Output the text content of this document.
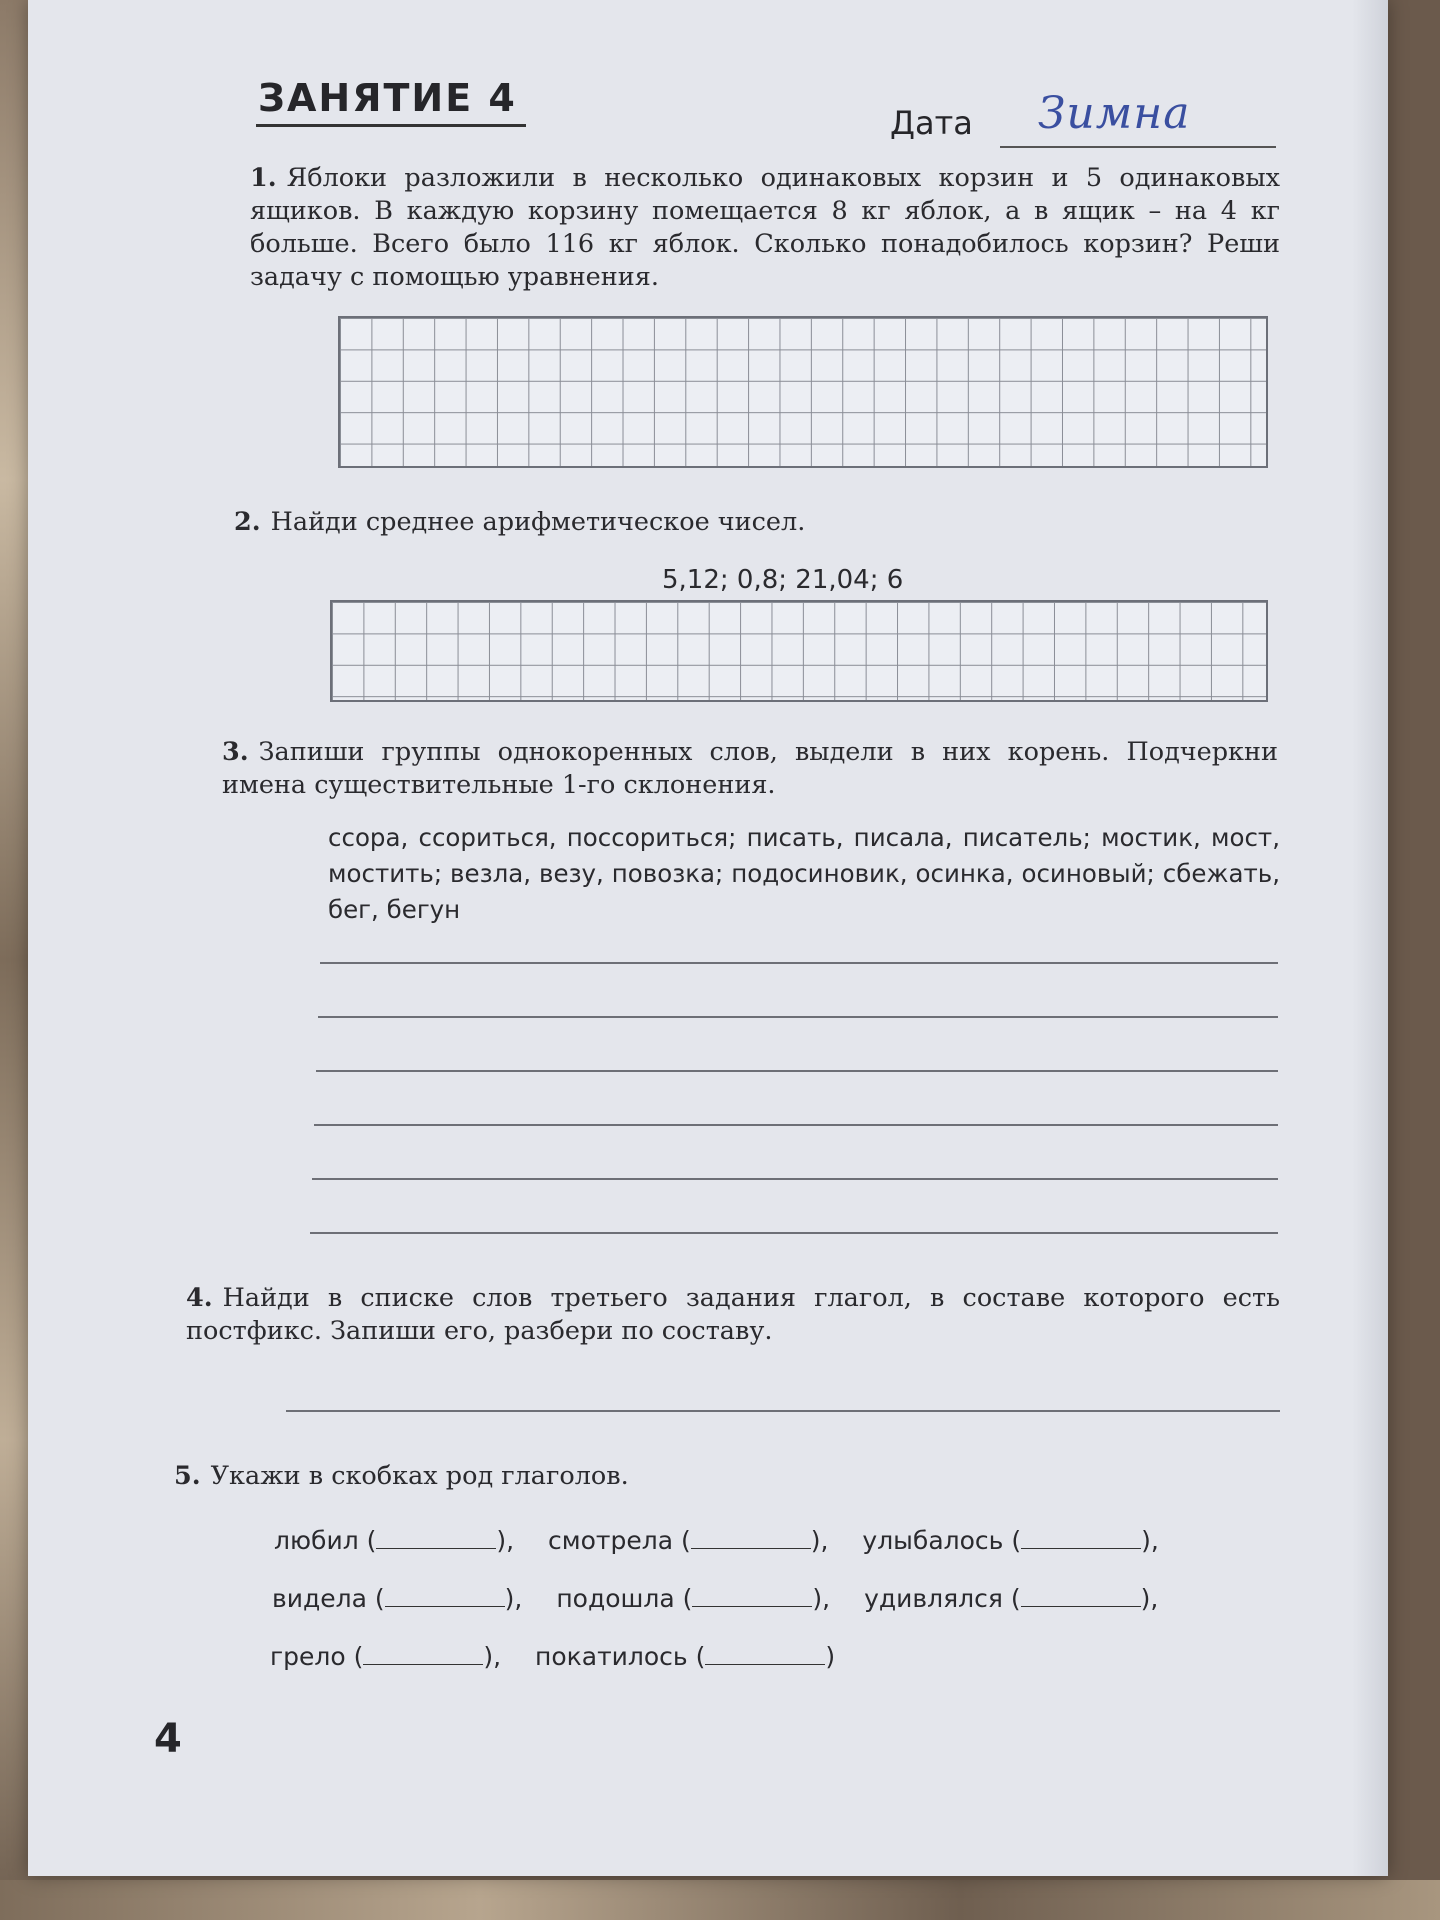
ЗАНЯТИЕ 4
Дата Зимна
1. Яблоки разложили в несколько одинаковых корзин и 5 одинаковых ящиков. В каждую корзину помещается 8 кг яблок, а в ящик – на 4 кг больше. Всего было 116 кг яблок. Сколько понадобилось корзин? Реши задачу с помощью уравнения.
2. Найди среднее арифметическое чисел.
5,12; 0,8; 21,04; 6
3. Запиши группы однокоренных слов, выдели в них корень. Подчеркни имена существительные 1-го склонения.
ссора, ссориться, поссориться; писать, писала, писатель; мостик, мост, мостить; везла, везу, повозка; подосиновик, осинка, осиновый; сбежать, бег, бегун
4. Найди в списке слов третьего задания глагол, в составе которого есть постфикс. Запиши его, разбери по составу.
5. Укажи в скобках род глаголов.
любил (	), смотрела (	), улыбалось (	),
видела (	), подошла (	), удивлялся (	),
грело (	), покатилось (	)
4
